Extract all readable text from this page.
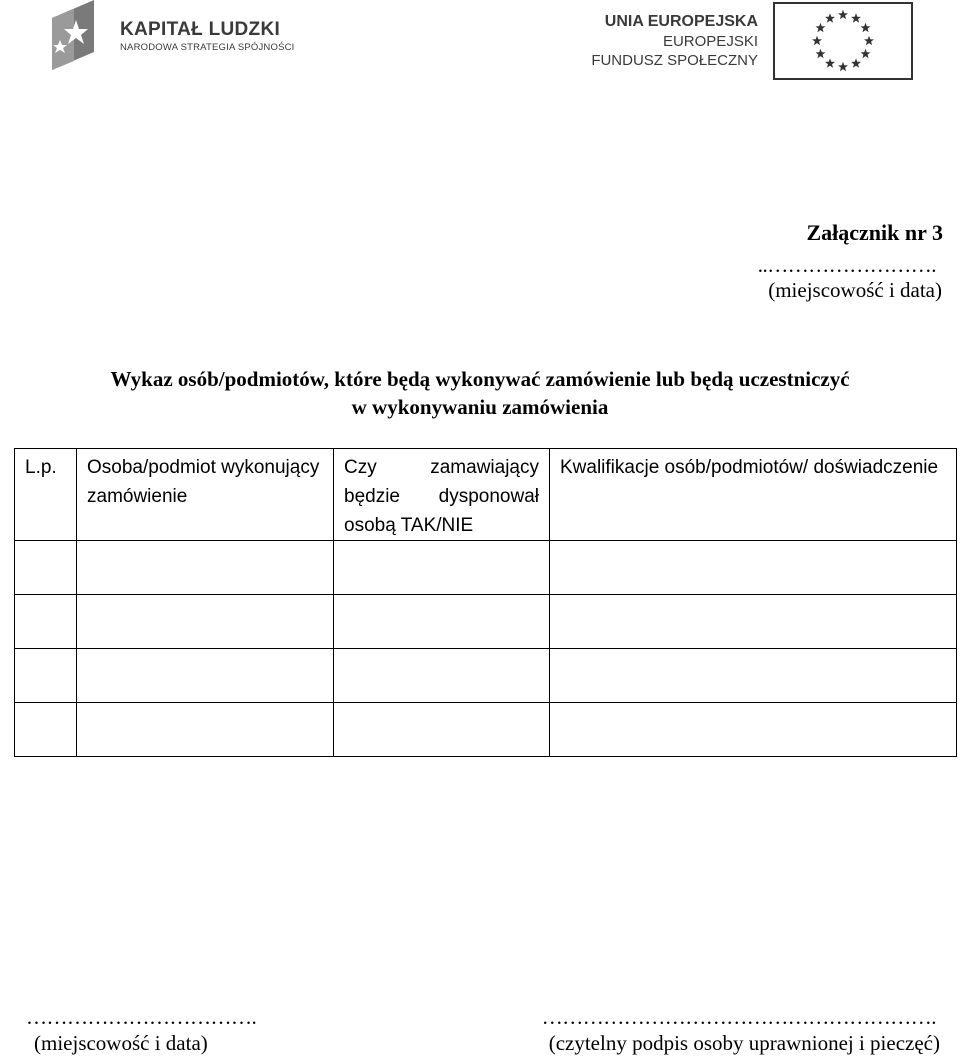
KAPITAŁ LUDZKI
NARODOWA STRATEGIA SPÓJNOŚCI
UNIA EUROPEJSKA
EUROPEJSKI
FUNDUSZ SPOŁECZNY
Załącznik nr 3
..…………………….
(miejscowość i data)
Wykaz osób/podmiotów, które będą wykonywać zamówienie lub będą uczestniczyć
w wykonywaniu zamówienia
L.p.	Osoba/podmiot wykonujący zamówienie	Czy zamawiający będzie dysponował osobą TAK/NIE	Kwalifikacje osób/podmiotów/ doświadczenie

…………………………….
(miejscowość i data)
………………………………………………….
(czytelny podpis osoby uprawnionej i pieczęć)
